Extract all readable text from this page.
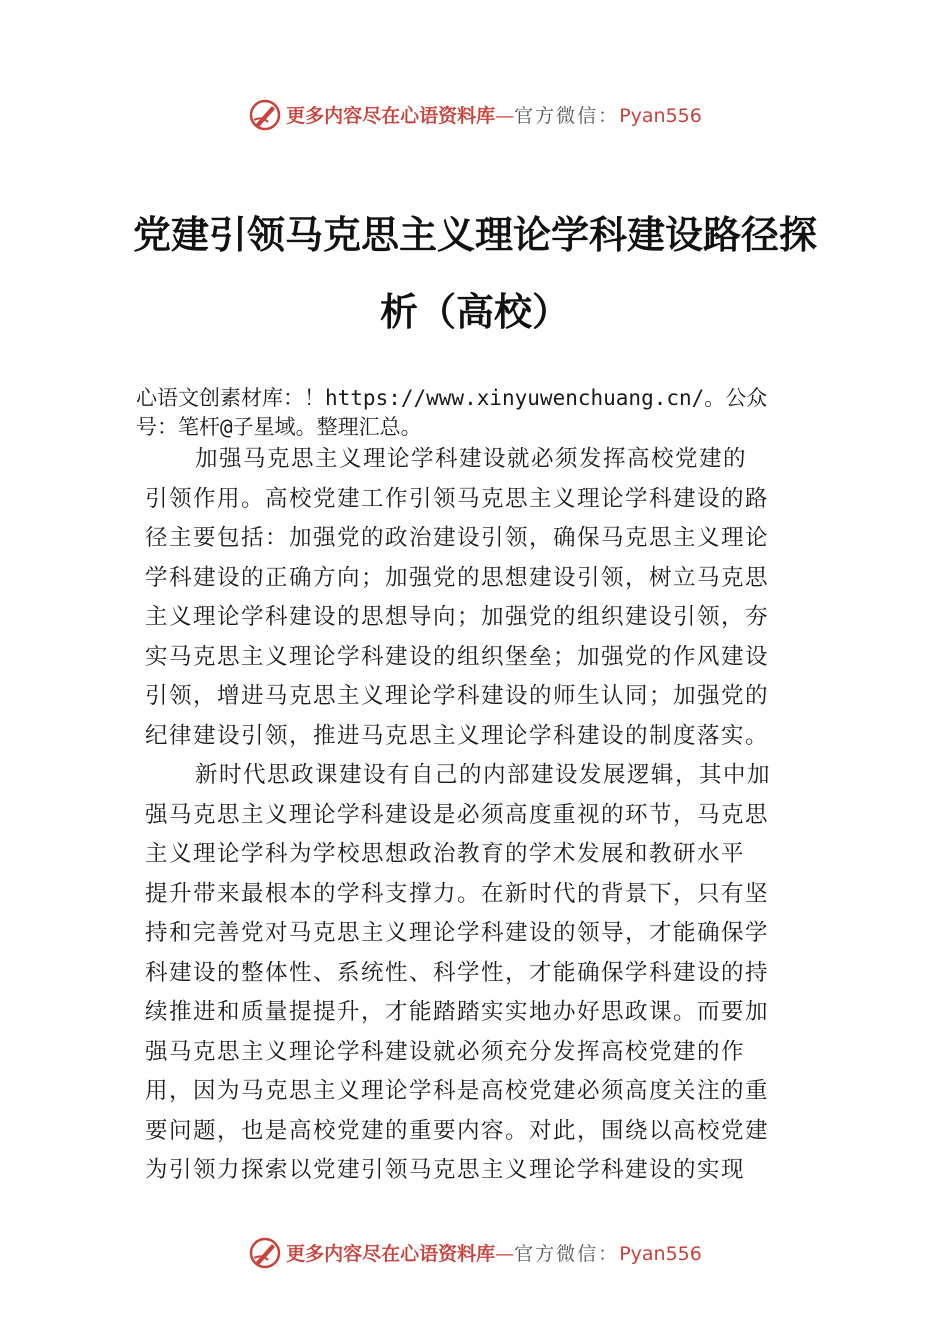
更多内容尽在心语资料库—官方微信：Pyan556
党建引领马克思主义理论学科建设路径探
析（高校）
心语文创素材库：！https://www.xinyuwenchuang.cn/。公众
号：笔杆@子星域。整理汇总。
加强马克思主义理论学科建设就必须发挥高校党建的
引领作用。高校党建工作引领马克思主义理论学科建设的路
径主要包括：加强党的政治建设引领，确保马克思主义理论
学科建设的正确方向；加强党的思想建设引领，树立马克思
主义理论学科建设的思想导向；加强党的组织建设引领，夯
实马克思主义理论学科建设的组织堡垒；加强党的作风建设
引领，增进马克思主义理论学科建设的师生认同；加强党的
纪律建设引领，推进马克思主义理论学科建设的制度落实。
新时代思政课建设有自己的内部建设发展逻辑，其中加
强马克思主义理论学科建设是必须高度重视的环节，马克思
主义理论学科为学校思想政治教育的学术发展和教研水平
提升带来最根本的学科支撑力。在新时代的背景下，只有坚
持和完善党对马克思主义理论学科建设的领导，才能确保学
科建设的整体性、系统性、科学性，才能确保学科建设的持
续推进和质量提提升，才能踏踏实实地办好思政课。而要加
强马克思主义理论学科建设就必须充分发挥高校党建的作
用，因为马克思主义理论学科是高校党建必须高度关注的重
要问题，也是高校党建的重要内容。对此，围绕以高校党建
为引领力探索以党建引领马克思主义理论学科建设的实现
更多内容尽在心语资料库—官方微信：Pyan556
